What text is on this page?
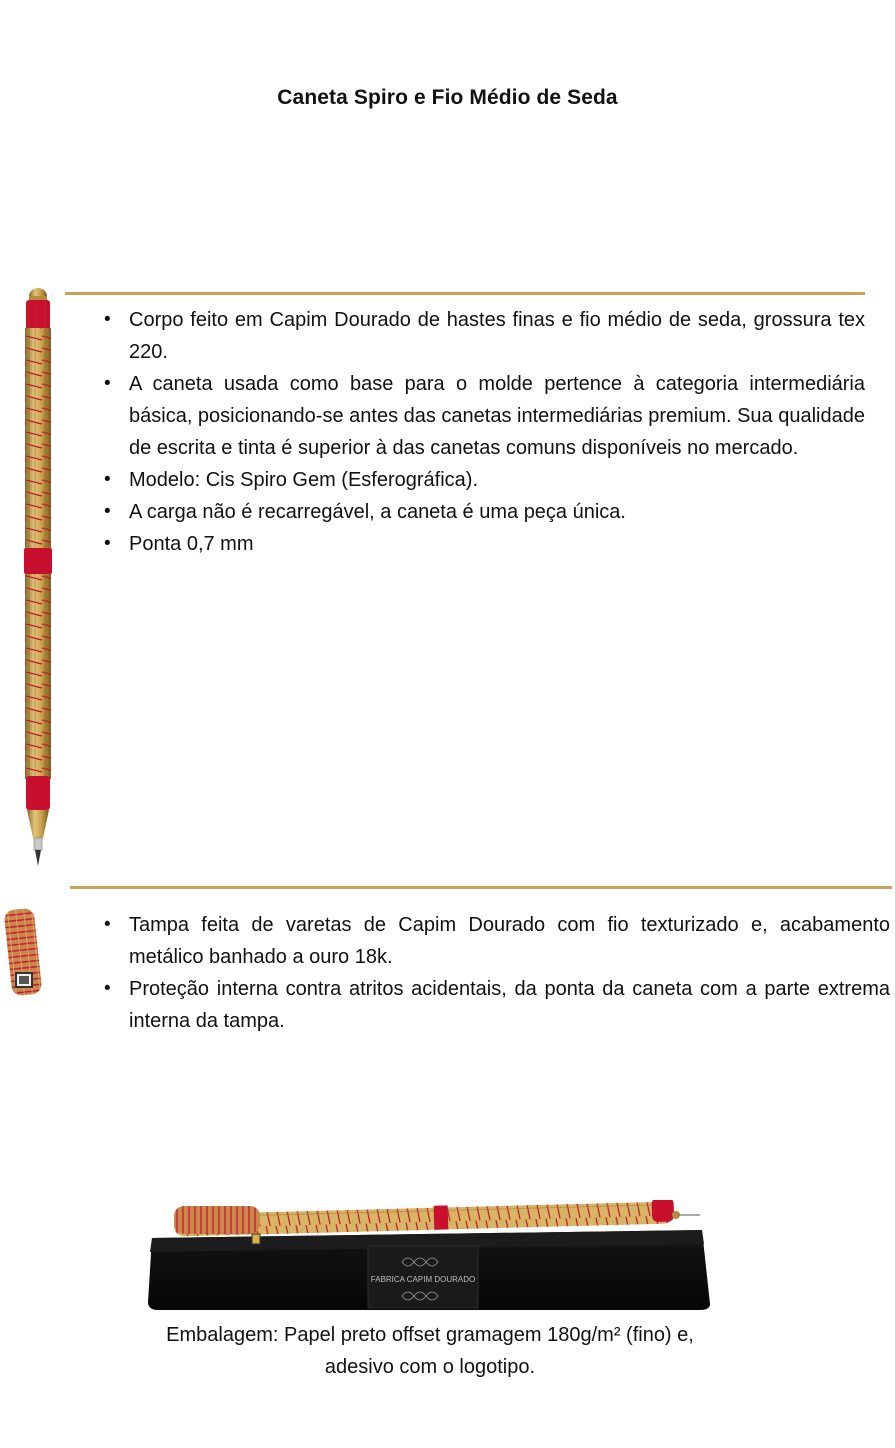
Caneta Spiro e Fio Médio de Seda
• Corpo feito em Capim Dourado de hastes finas e fio médio de seda, grossura tex 220.
• A caneta usada como base para o molde pertence à categoria intermediária básica, posicionando-se antes das canetas intermediárias premium. Sua qualidade de escrita e tinta é superior à das canetas comuns disponíveis no mercado.
• Modelo: Cis Spiro Gem (Esferográfica).
• A carga não é recarregável, a caneta é uma peça única.
• Ponta 0,7 mm
• Tampa feita de varetas de Capim Dourado com fio texturizado e, acabamento metálico banhado a ouro 18k.
• Proteção interna contra atritos acidentais, da ponta da caneta com a parte extrema interna da tampa.
FABRICA CAPIM DOURADO
Embalagem: Papel preto offset gramagem 180g/m² (fino) e,
adesivo com o logotipo.
